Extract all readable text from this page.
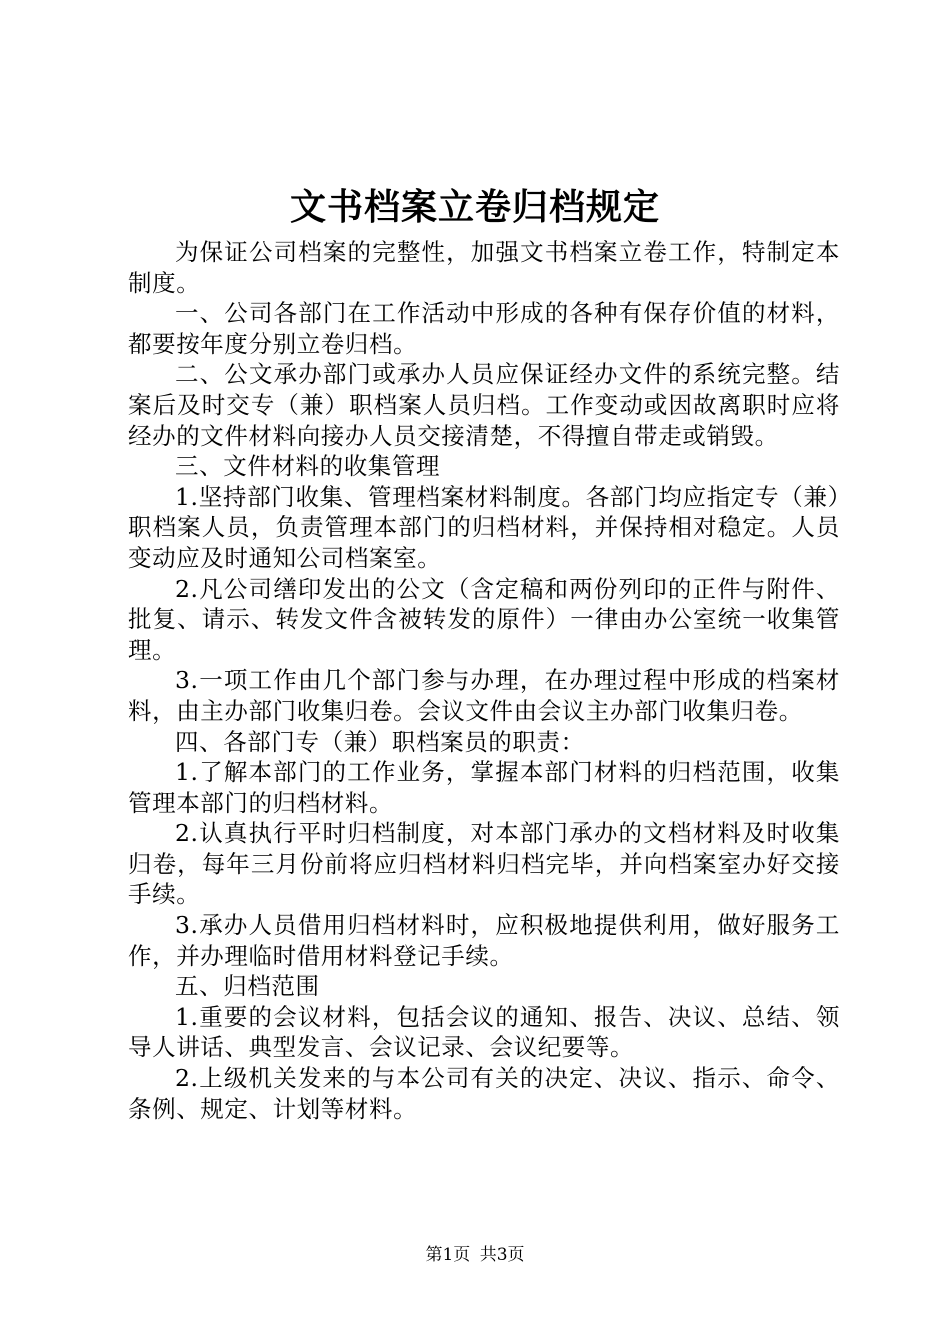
文书档案立卷归档规定

为保证公司档案的完整性，加强文书档案立卷工作，特制定本制度。

一、公司各部门在工作活动中形成的各种有保存价值的材料，都要按年度分别立卷归档。

二、公文承办部门或承办人员应保证经办文件的系统完整。结案后及时交专（兼）职档案人员归档。工作变动或因故离职时应将经办的文件材料向接办人员交接清楚，不得擅自带走或销毁。

三、文件材料的收集管理

1.坚持部门收集、管理档案材料制度。各部门均应指定专（兼）职档案人员，负责管理本部门的归档材料，并保持相对稳定。人员变动应及时通知公司档案室。

2.凡公司缮印发出的公文（含定稿和两份列印的正件与附件、批复、请示、转发文件含被转发的原件）一律由办公室统一收集管理。

3.一项工作由几个部门参与办理，在办理过程中形成的档案材料，由主办部门收集归卷。会议文件由会议主办部门收集归卷。

四、各部门专（兼）职档案员的职责：

1.了解本部门的工作业务，掌握本部门材料的归档范围，收集管理本部门的归档材料。

2.认真执行平时归档制度，对本部门承办的文档材料及时收集归卷，每年三月份前将应归档材料归档完毕，并向档案室办好交接手续。

3.承办人员借用归档材料时，应积极地提供利用，做好服务工作，并办理临时借用材料登记手续。

五、归档范围

1.重要的会议材料，包括会议的通知、报告、决议、总结、领导人讲话、典型发言、会议记录、会议纪要等。

2.上级机关发来的与本公司有关的决定、决议、指示、命令、条例、规定、计划等材料。

第1页 共3页
